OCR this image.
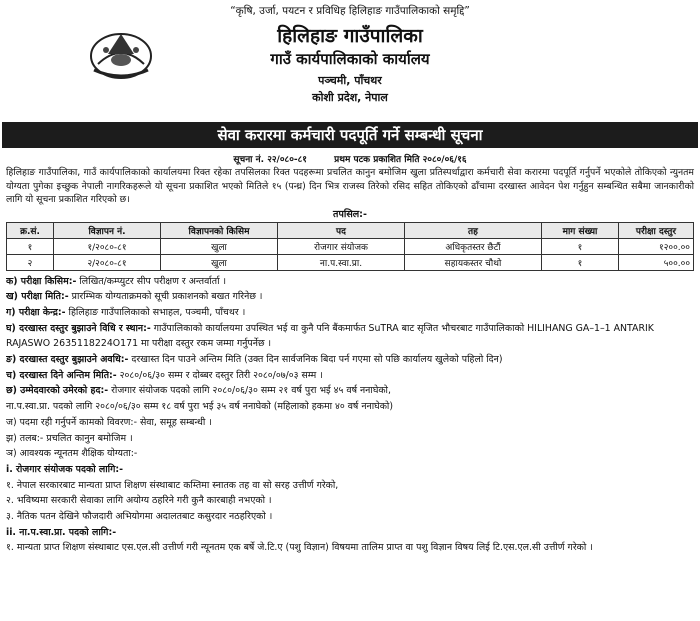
“कृषि, उर्जा, पयटन र प्रविधिह हिलिहाङ गाउँपालिकाको समृद्दि”
हिलिहाङ गाउँपालिका
गाउँ कार्यपालिकाको कार्यालय
पञ्चमी, पाँचथर
कोशी प्रदेश, नेपाल
सेवा करारमा कर्मचारी पदपूर्ति गर्ने सम्बन्धी सूचना
सूचना नं. २२/०८०-८१	प्रथम पटक प्रकाशित मिति २०८०/०६/१६
हिलिहाङ गाउँपालिका, गाउँ कार्यपालिकाको कार्यालयमा रिक्त रहेका तपसिलका रिक्त पदहरूमा प्रचलित कानुन बमोजिम खुला प्रतिस्पर्धाद्वारा कर्मचारी सेवा करारमा पदपूर्ति गर्नुपर्ने भएकोले तोकिएको न्युनतम योग्यता पुगेका इच्छुक नेपाली नागरिकहरूले यो सूचना प्रकाशित भएको मितिले १५ (पन्ध्र) दिन भित्र राजस्व तिरेको रसिद सहित तोकिएको ढाँचामा दरखास्त आवेदन पेश गर्नुहुन सम्बन्धित सबैमा जानकारीको लागि यो सूचना प्रकाशित गरिएको छ।
तपसिल:-
क्र.सं.	विज्ञापन नं.	विज्ञापनको किसिम	पद	तह	माग संख्या	परीक्षा दस्तुर
१	१/२०८०-८१	खुला	रोजगार संयोजक	अधिकृतस्तर छैटौं	१	१२००.००
२	२/२०८०-८१	खुला	ना.प.स्वा.प्रा.	सहायकस्तर चौथो	१	५००.००
क) परीक्षा किसिम:- लिखित/कम्प्युटर सीप परीक्षण र अन्तर्वार्ता ।
ख) परीक्षा मिति:- प्रारम्भिक योग्यताक्रमको सूची प्रकाशनको बखत गरिनेछ ।
ग) परीक्षा केन्द्र:- हिलिहाङ गाउँपालिकाको सभाहल, पञ्चमी, पाँचथर ।
घ) दरखास्त दस्तुर बुझाउने विधि र स्थान:- गाउँपालिकाको कार्यालयमा उपस्थित भई वा कुनै पनि बैंकमार्फत SuTRA बाट सृजित भौचरबाट गाउँपालिकाको HILIHANG GA–1–1 ANTARIK RAJASWO 2635118224O171 मा परीक्षा दस्तुर रकम जम्मा गर्नुपर्नेछ ।
ङ) दरखास्त दस्तुर बुझाउने अवधि:- दरखास्त दिन पाउने अन्तिम मिति (उक्त दिन सार्वजनिक बिदा पर्न गएमा सो पछि कार्यालय खुलेको पहिलो दिन)
च) दरखास्त दिने अन्तिम मिति:- २०८०/०६/३० सम्म र दोब्बर दस्तुर तिरी २०८०/०७/०३ सम्म ।
छ) उम्मेदवारको उमेरको हद:- रोजगार संयोजक पदको लागि २०८०/०६/३० सम्म २१ वर्ष पुरा भई ४५ वर्ष ननाघेको,
ना.प.स्वा.प्रा. पदको लागि २०८०/०६/३० सम्म १८ वर्ष पुरा भई ३५ वर्ष ननाघेको (महिलाको हकमा ४० वर्ष ननाघेको)
ज) पदमा रही गर्नुपर्ने कामको विवरण:- सेवा, समूह सम्बन्धी ।
झ) तलब:- प्रचलित कानुन बमोजिम ।
ञ) आवश्यक न्यूनतम शैक्षिक योग्यता:-
i. रोजगार संयोजक पदको लागि:-
१. नेपाल सरकारबाट मान्यता प्राप्त शिक्षण संस्थाबाट कम्तिमा स्नातक तह वा सो सरह उत्तीर्ण गरेको,
२. भविष्यमा सरकारी सेवाका लागि अयोग्य ठहरिने गरी कुनै कारबाही नभएको ।
३. नैतिक पतन देखिने फौजदारी अभियोगमा अदालतबाट कसुरदार नठहरिएको ।
ii. ना.प.स्वा.प्रा. पदको लागि:-
१. मान्यता प्राप्त शिक्षण संस्थाबाट एस.एल.सी उत्तीर्ण गरी न्यूनतम एक बर्षे जे.टि.ए (पशु विज्ञान) विषयमा तालिम प्राप्त वा पशु विज्ञान विषय लिई टि.एस.एल.सी उत्तीर्ण गरेको ।
